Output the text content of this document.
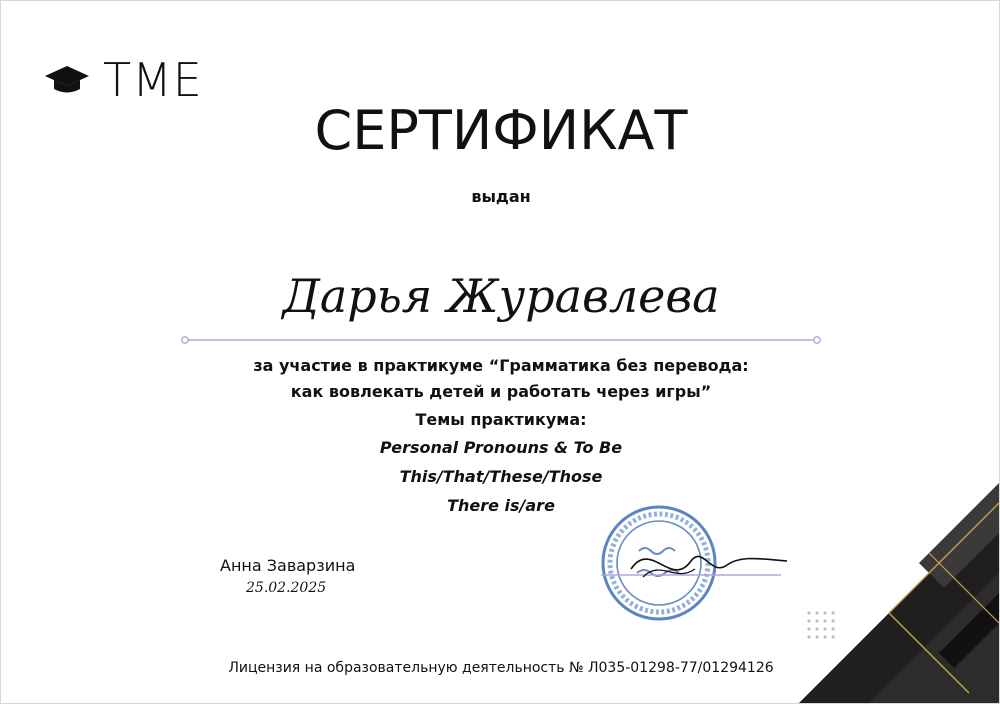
TME
СЕРТИФИКАТ
выдан
Дарья Журавлева
за участие в практикуме “Грамматика без перевода:
как вовлекать детей и работать через игры”
Темы практикума:
Personal Pronouns & To Be
This/That/These/Those
There is/are
Анна Заварзина
25.02.2025
Лицензия на образовательную деятельность № Л035-01298-77/01294126
